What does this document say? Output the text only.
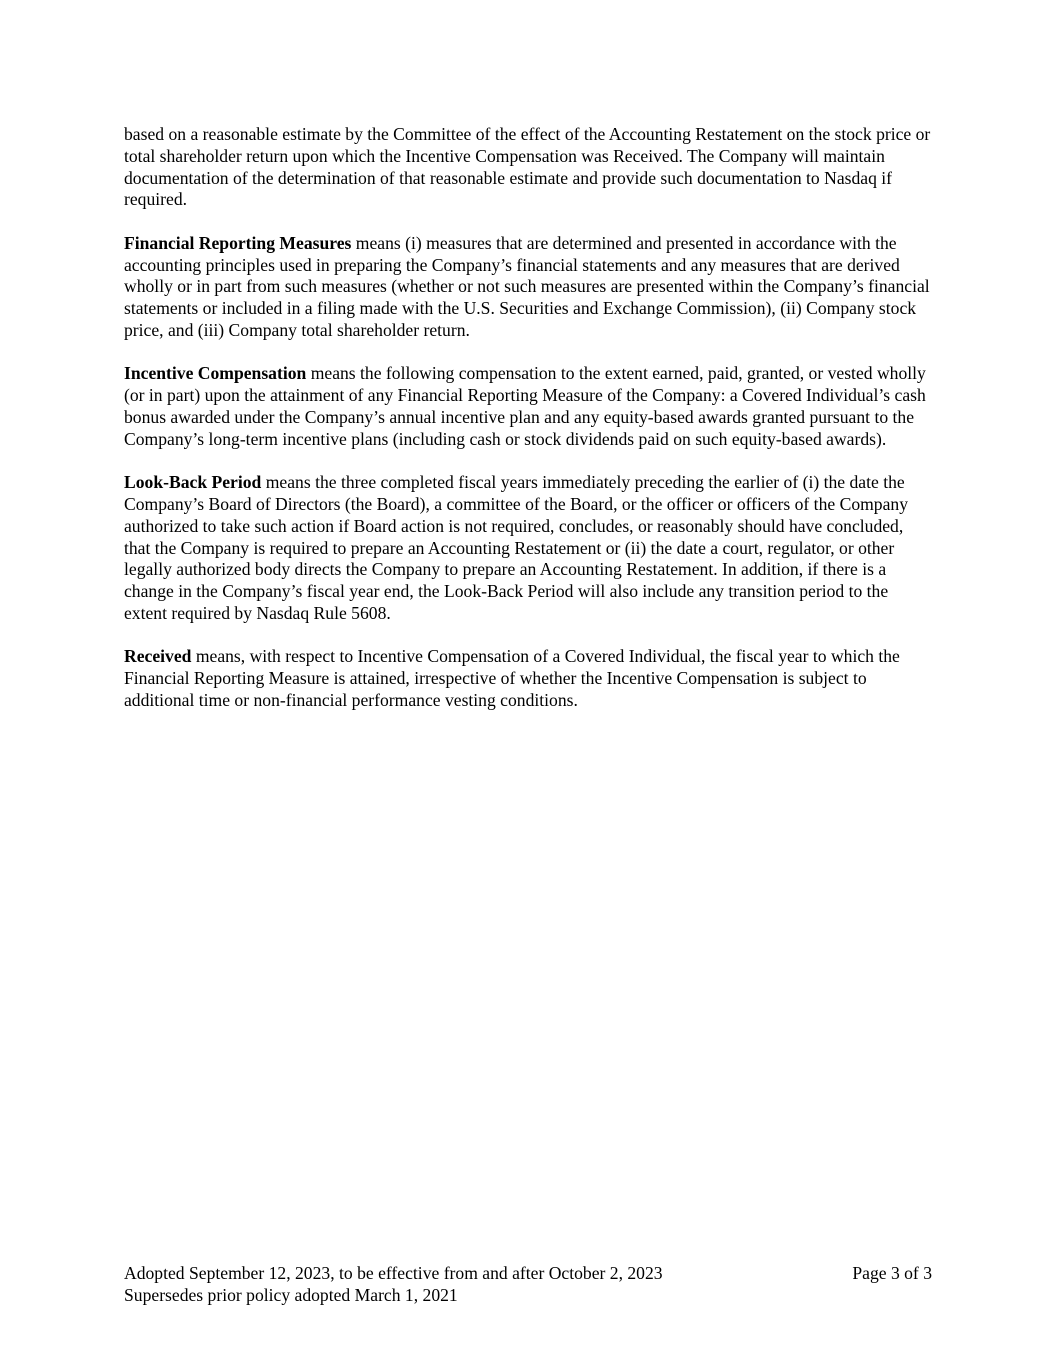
based on a reasonable estimate by the Committee of the effect of the Accounting Restatement on the stock price or total shareholder return upon which the Incentive Compensation was Received. The Company will maintain documentation of the determination of that reasonable estimate and provide such documentation to Nasdaq if required.

Financial Reporting Measures means (i) measures that are determined and presented in accordance with the accounting principles used in preparing the Company’s financial statements and any measures that are derived wholly or in part from such measures (whether or not such measures are presented within the Company’s financial statements or included in a filing made with the U.S. Securities and Exchange Commission), (ii) Company stock price, and (iii) Company total shareholder return.

Incentive Compensation means the following compensation to the extent earned, paid, granted, or vested wholly (or in part) upon the attainment of any Financial Reporting Measure of the Company: a Covered Individual’s cash bonus awarded under the Company’s annual incentive plan and any equity-based awards granted pursuant to the Company’s long-term incentive plans (including cash or stock dividends paid on such equity-based awards).

Look-Back Period means the three completed fiscal years immediately preceding the earlier of (i) the date the Company’s Board of Directors (the Board), a committee of the Board, or the officer or officers of the Company authorized to take such action if Board action is not required, concludes, or reasonably should have concluded, that the Company is required to prepare an Accounting Restatement or (ii) the date a court, regulator, or other legally authorized body directs the Company to prepare an Accounting Restatement. In addition, if there is a change in the Company’s fiscal year end, the Look-Back Period will also include any transition period to the extent required by Nasdaq Rule 5608.

Received means, with respect to Incentive Compensation of a Covered Individual, the fiscal year to which the Financial Reporting Measure is attained, irrespective of whether the Incentive Compensation is subject to additional time or non-financial performance vesting conditions.

Adopted September 12, 2023, to be effective from and after October 2, 2023	Page 3 of 3
Supersedes prior policy adopted March 1, 2021
